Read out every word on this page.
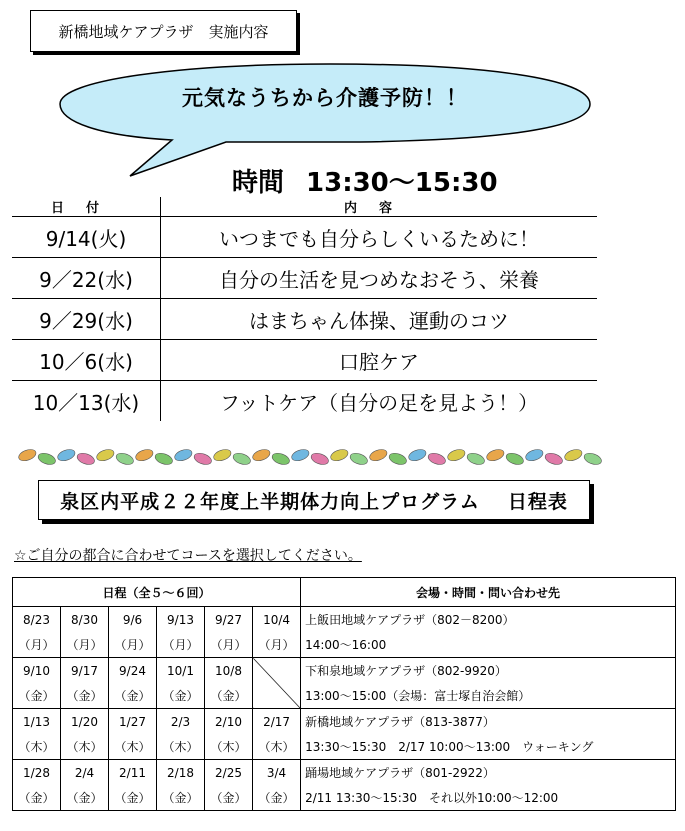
新橋地域ケアプラザ　実施内容
元気なうちから介護予防！！
時間 13:30〜15:30
日付	内容
9/14(火)	いつまでも自分らしくいるために！
9／22(水)	自分の生活を見つめなおそう、栄養
9／29(水)	はまちゃん体操、運動のコツ
10／6(水)	口腔ケア
10／13(水)	フットケア（自分の足を見よう！）
泉区内平成２２年度上半期体力向上プログラム 日程表
☆ご自分の都合に合わせてコースを選択してください。
日程（全５〜６回）						会場・時間・問い合わせ先
8/23	8/30	9/6	9/13	9/27	10/4	上飯田地域ケアプラザ（802－8200）
（月）	（月）	（月）	（月）	（月）	（月）	14:00〜16:00
9/10	9/17	9/24	10/1	10/8		下和泉地域ケアプラザ（802-9920）
（金）	（金）	（金）	（金）	（金）		13:00〜15:00（会場：富士塚自治会館）
1/13	1/20	1/27	2/3	2/10	2/17	新橋地域ケアプラザ（813-3877）
（木）	（木）	（木）	（木）	（木）	（木）	13:30〜15:30　2/17 10:00〜13:00　ウォーキング
1/28	2/4	2/11	2/18	2/25	3/4	踊場地域ケアプラザ（801-2922）
（金）	（金）	（金）	（金）	（金）	（金）	2/11 13:30〜15:30　それ以外10:00〜12:00
